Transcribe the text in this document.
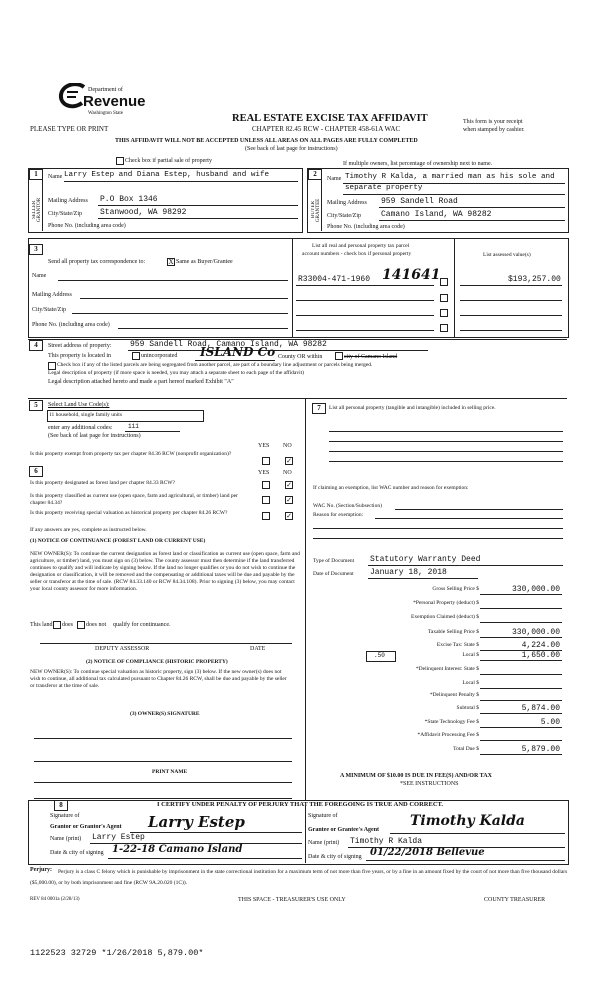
Department of
Revenue
Washington State
PLEASE TYPE OR PRINT
REAL ESTATE EXCISE TAX AFFIDAVIT
CHAPTER 82.45 RCW - CHAPTER 458-61A WAC
This form is your receipt
when stamped by cashier.
THIS AFFIDAVIT WILL NOT BE ACCEPTED UNLESS ALL AREAS ON ALL PAGES ARE FULLY COMPLETED
(See back of last page for instructions)
Check box if partial sale of property	If multiple owners, list percentage of ownership next to name.
1	2
SELLER GRANTOR
Name Larry Estep and Diana Estep, husband and wife
Mailing Address P.O Box 1346
City/State/Zip Stanwood, WA 98292
Phone No. (including area code)
BUYER GRANTEE
Name Timothy R Kalda, a married man as his sole and
separate property
Mailing Address 959 Sandell Road
City/State/Zip	Camano Island, WA 98282
Phone No. (including area code)
3
Send all property tax correspondence to:	X Same as Buyer/Grantee
Name
Mailing Address
City/State/Zip
Phone No. (including area code)
List all real and personal property tax parcel
account numbers - check box if personal property	List assessed value(s)
R33004-471-1960 141641	$193,257.00
4	Street address of property: 959 Sandell Road, Camano Island, WA 98282
This property is located in	unincorporated ISLAND Co County OR within	city of Camano Island
Check box if any of the listed parcels are being segregated from another parcel, are part of a boundary line adjustment or parcels being merged.
Legal description of property (if more space is needed, you may attach a separate sheet to each page of the affidavit)
Legal description attached hereto and made a part hereof marked Exhibit "A"
5	Select Land Use Code(s):
11 household, single family units
enter any additional codes:	111
(See back of last page for instructions)
YES NO
Is this property exempt from property tax per chapter 84.36 RCW (nonprofit organization)?
✓
6	YES NO
Is this property designated as forest land per chapter 84.33 RCW?	✓
Is this property classified as current use (open space, farm and agricultural, or timber) land per chapter 84.34?	✓
Is this property receiving special valuation as historical property per chapter 84.26 RCW?	✓
If any answers are yes, complete as instructed below.
(1) NOTICE OF CONTINUANCE (FOREST LAND OR CURRENT USE)
NEW OWNER(S): To continue the current designation as forest land or classification as current use (open space, farm and agriculture, or timber) land, you must sign on (3) below. The county assessor must then determine if the land transferred continues to qualify and will indicate by signing below. If the land no longer qualifies or you do not wish to continue the designation or classification, it will be removed and the compensating or additional taxes will be due and payable by the seller or transferor at the time of sale. (RCW 84.33.140 or RCW 84.34.108). Prior to signing (3) below, you may contact your local county assessor for more information.
This land does does not qualify for continuance.
DEPUTY ASSESSOR	DATE
(2) NOTICE OF COMPLIANCE (HISTORIC PROPERTY)
NEW OWNER(S): To continue special valuation as historic property, sign (3) below. If the new owner(s) does not wish to continue, all additional tax calculated pursuant to Chapter 84.26 RCW, shall be due and payable by the seller or transferor at the time of sale.
(3) OWNER(S) SIGNATURE
PRINT NAME
7	List all personal property (tangible and intangible) included in selling price.
If claiming an exemption, list WAC number and reason for exemption:
WAC No. (Section/Subsection)
Reason for exemption:
Type of Document Statutory Warranty Deed
Date of Document January 18, 2018
Gross Selling Price $	330,000.00
*Personal Property (deduct) $
Exemption Claimed (deduct) $
Taxable Selling Price $	330,000.00
Excise Tax: State $	4,224.00
Local $	1,650.00
*Delinquent Interest: State $
Local $
*Delinquent Penalty $
Subtotal $	5,874.00
*State Technology Fee $	5.00
*Affidavit Processing Fee $
Total Due $	5,879.00
.50
A MINIMUM OF $10.00 IS DUE IN FEE(S) AND/OR TAX
*SEE INSTRUCTIONS
8	I CERTIFY UNDER PENALTY OF PERJURY THAT THE FOREGOING IS TRUE AND CORRECT.
Signature of
Grantor or Grantor's Agent Larry Estep
Name (print) Larry Estep
Date & city of signing 1-22-18 Camano Island
Signature of
Grantee or Grantee's Agent
Timothy Kalda
Name (print) Timothy R Kalda
Date & city of signing 01/22/2018 Bellevue
Perjury:	Perjury is a class C felony which is punishable by imprisonment in the state correctional institution for a maximum term of not more than five years, or by a fine in an amount fixed by the court of not more than five thousand dollars ($5,000.00), or by both imprisonment and fine (RCW 9A.20.020 (1C)).
REV 84 0001a (2/28/13)	THIS SPACE - TREASURER'S USE ONLY	COUNTY TREASURER
1122523 32729 *1/26/2018 5,879.00*
